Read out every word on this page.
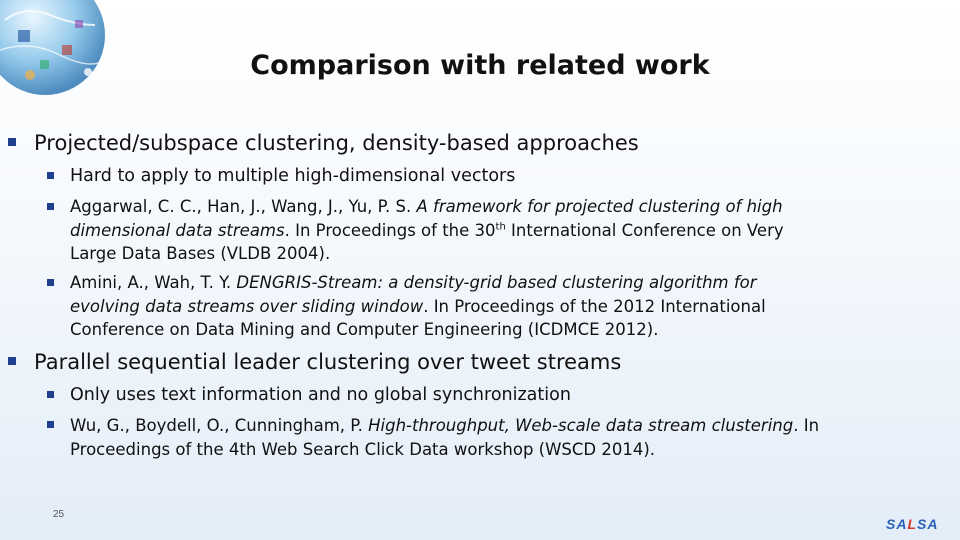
Comparison with related work
Projected/subspace clustering, density-based approaches
Hard to apply to multiple high-dimensional vectors
Aggarwal, C. C., Han, J., Wang, J., Yu, P. S. A framework for projected clustering of high
dimensional data streams. In Proceedings of the 30th International Conference on Very
Large Data Bases (VLDB 2004).
Amini, A., Wah, T. Y. DENGRIS-Stream: a density-grid based clustering algorithm for
evolving data streams over sliding window. In Proceedings of the 2012 International
Conference on Data Mining and Computer Engineering (ICDMCE 2012).
Parallel sequential leader clustering over tweet streams
Only uses text information and no global synchronization
Wu, G., Boydell, O., Cunningham, P. High-throughput, Web-scale data stream clustering. In
Proceedings of the 4th Web Search Click Data workshop (WSCD 2014).
25
SALSA
